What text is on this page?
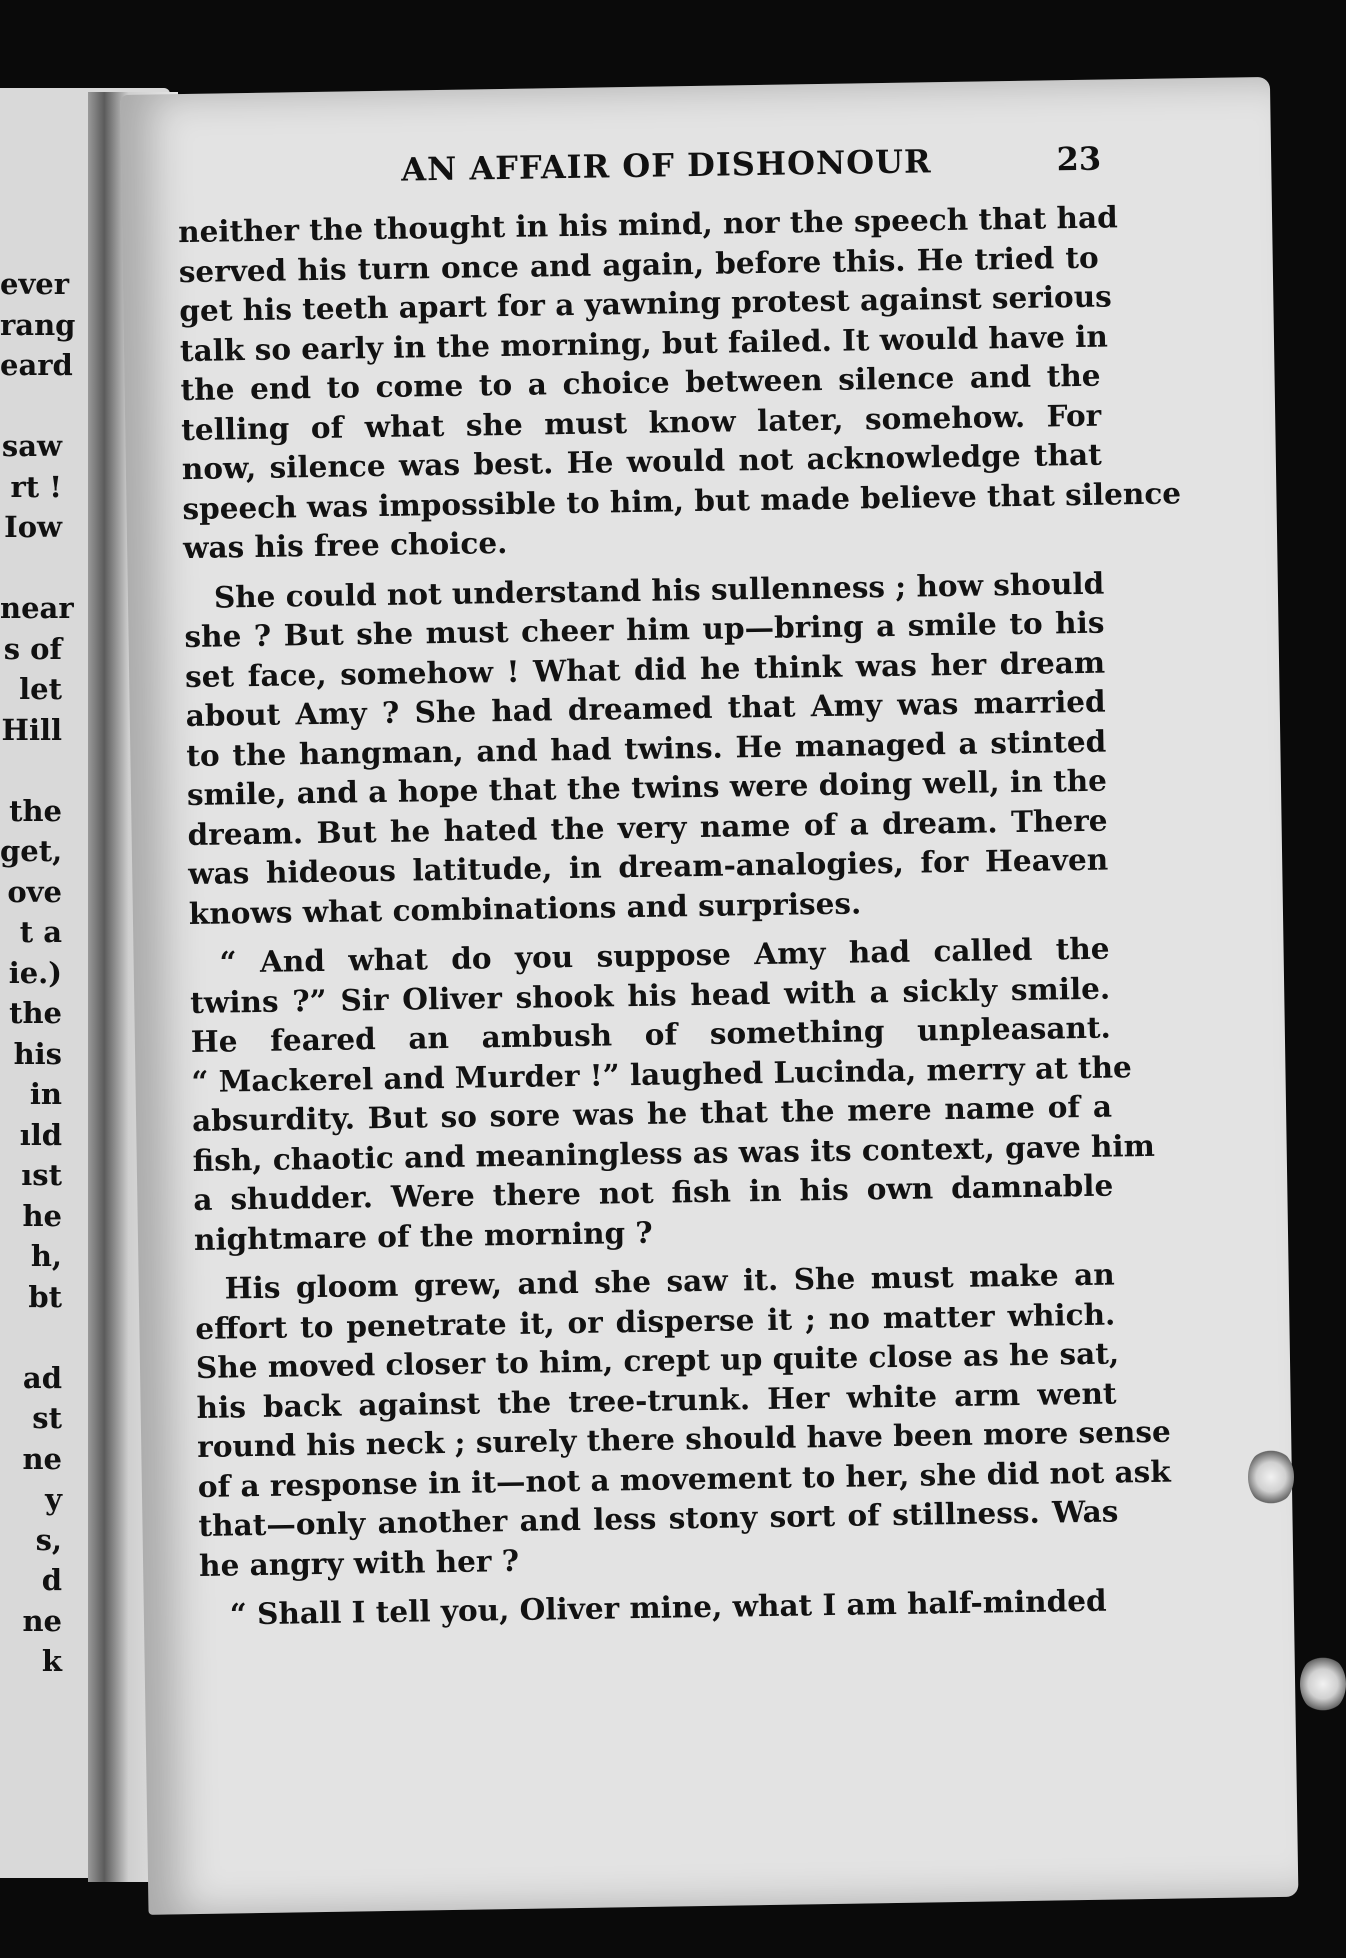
ever
rang
eard

saw
rt !
Iow

near
s of
let
Hill

the
get,
ove
t a
ie.)
the
his
in
ıld
ıst
he
h,
bt

ad
st
ne
y
s,
d
ne
k
AN AFFAIR OF DISHONOUR	23
neither the thought in his mind, nor the speech that had
served his turn once and again, before this. He tried to
get his teeth apart for a yawning protest against serious
talk so early in the morning, but failed. It would have in
the end to come to a choice between silence and the
telling of what she must know later, somehow. For
now, silence was best. He would not acknowledge that
speech was impossible to him, but made believe that silence
was his free choice.
She could not understand his sullenness ; how should
she ? But she must cheer him up—bring a smile to his
set face, somehow ! What did he think was her dream
about Amy ? She had dreamed that Amy was married
to the hangman, and had twins. He managed a stinted
smile, and a hope that the twins were doing well, in the
dream. But he hated the very name of a dream. There
was hideous latitude, in dream-analogies, for Heaven
knows what combinations and surprises.
“ And what do you suppose Amy had called the
twins ?” Sir Oliver shook his head with a sickly smile.
He feared an ambush of something unpleasant.
“ Mackerel and Murder !” laughed Lucinda, merry at the
absurdity. But so sore was he that the mere name of a
fish, chaotic and meaningless as was its context, gave him
a shudder. Were there not fish in his own damnable
nightmare of the morning ?
His gloom grew, and she saw it. She must make an
effort to penetrate it, or disperse it ; no matter which.
She moved closer to him, crept up quite close as he sat,
his back against the tree-trunk. Her white arm went
round his neck ; surely there should have been more sense
of a response in it—not a movement to her, she did not ask
that—only another and less stony sort of stillness. Was
he angry with her ?
“ Shall I tell you, Oliver mine, what I am half-minded
